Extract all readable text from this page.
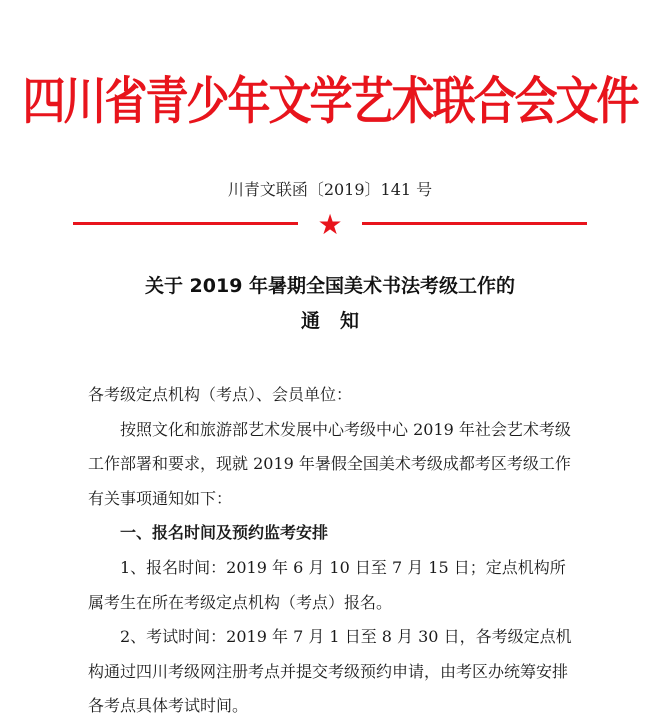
四川省青少年文学艺术联合会文件
川青文联函〔2019〕141 号
★
关于 2019 年暑期全国美术书法考级工作的
通知

各考级定点机构（考点）、会员单位：

按照文化和旅游部艺术发展中心考级中心 2019 年社会艺术考级工作部署和要求，现就 2019 年暑假全国美术考级成都考区考级工作有关事项通知如下：

一、报名时间及预约监考安排

1、报名时间：2019 年 6 月 10 日至 7 月 15 日；定点机构所属考生在所在考级定点机构（考点）报名。

2、考试时间：2019 年 7 月 1 日至 8 月 30 日，各考级定点机构通过四川考级网注册考点并提交考级预约申请，由考区办统筹安排各考点具体考试时间。
